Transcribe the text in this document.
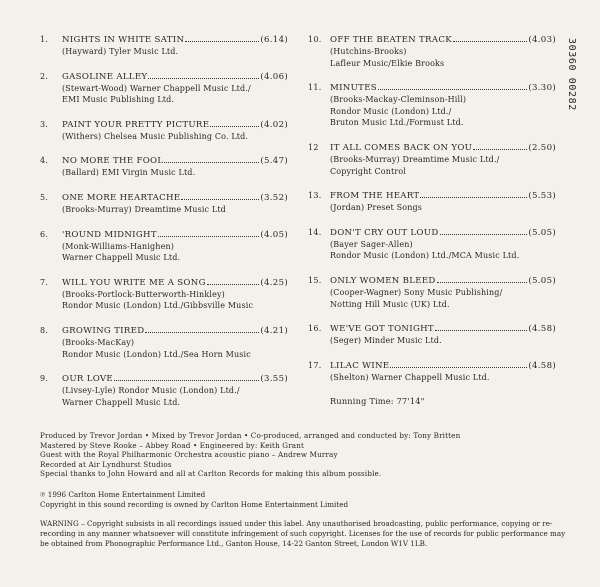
1.	NIGHTS IN WHITE SATIN	(6.14)
(Hayward) Tyler Music Ltd.
2.	GASOLINE ALLEY	(4.06)
(Stewart-Wood) Warner Chappell Music Ltd./
EMI Music Publishing Ltd.
3.	PAINT YOUR PRETTY PICTURE	(4.02)
(Withers) Chelsea Music Publishing Co. Ltd.
4.	NO MORE THE FOOL	(5.47)
(Ballard) EMI Virgin Music Ltd.
5.	ONE MORE HEARTACHE	(3.52)
(Brooks-Murray) Dreamtime Music Ltd
6.	'ROUND MIDNIGHT	(4.05)
(Monk-Williams-Hanighen)
Warner Chappell Music Ltd.
7.	WILL YOU WRITE ME A SONG	(4.25)
(Brooks-Portlock-Butterworth-Hinkley)
Rondor Music (London) Ltd./Gibbsville Music
8.	GROWING TIRED	(4.21)
(Brooks-MacKay)
Rondor Music (London) Ltd./Sea Horn Music
9.	OUR LOVE	(3.55)
(Livsey-Lyle) Rondor Music (London) Ltd./
Warner Chappell Music Ltd.
10. OFF THE BEATEN TRACK	(4.03)
(Hutchins-Brooks)
Lafleur Music/Elkie Brooks
11. MINUTES	(3.30)
(Brooks-Mackay-Cleminson-Hill)
Rondor Music (London) Ltd./
Bruton Music Ltd./Formust Ltd.
12	IT ALL COMES BACK ON YOU	(2.50)
(Brooks-Murray) Dreamtime Music Ltd./
Copyright Control
13. FROM THE HEART	(5.53)
(Jordan) Preset Songs
14. DON'T CRY OUT LOUD	(5.05)
(Bayer Sager-Allen)
Rondor Music (London) Ltd./MCA Music Ltd.
15. ONLY WOMEN BLEED	(5.05)
(Cooper-Wagner) Sony Music Publishing/
Notting Hill Music (UK) Ltd.
16. WE'VE GOT TONIGHT	(4.58)
(Seger) Minder Music Ltd.
17. LILAC WINE	(4.58)
(Shelton) Warner Chappell Music Ltd.
Running Time: 77'14"
30360 00282
Produced by Trevor Jordan • Mixed by Trevor Jordan • Co-produced, arranged and conducted by: Tony Britten
Mastered by Steve Rooke – Abbey Road • Engineered by: Keith Grant
Guest with the Royal Philharmonic Orchestra acoustic piano – Andrew Murray
Recorded at Air Lyndhurst Studios
Special thanks to John Howard and all at Carlton Records for making this album possible.
℗ 1996 Carlton Home Entertainment Limited
Copyright in this sound recording is owned by Carlton Home Entertainment Limited
WARNING – Copyright subsists in all recordings issued under this label. Any unauthorised broadcasting, public performance, copying or re-
recording in any manner whatsoever will constitute infringement of such copyright. Licenses for the use of records for public performance may
be obtained from Phonographic Performance Ltd., Ganton House, 14-22 Ganton Street, London W1V 1LB.
